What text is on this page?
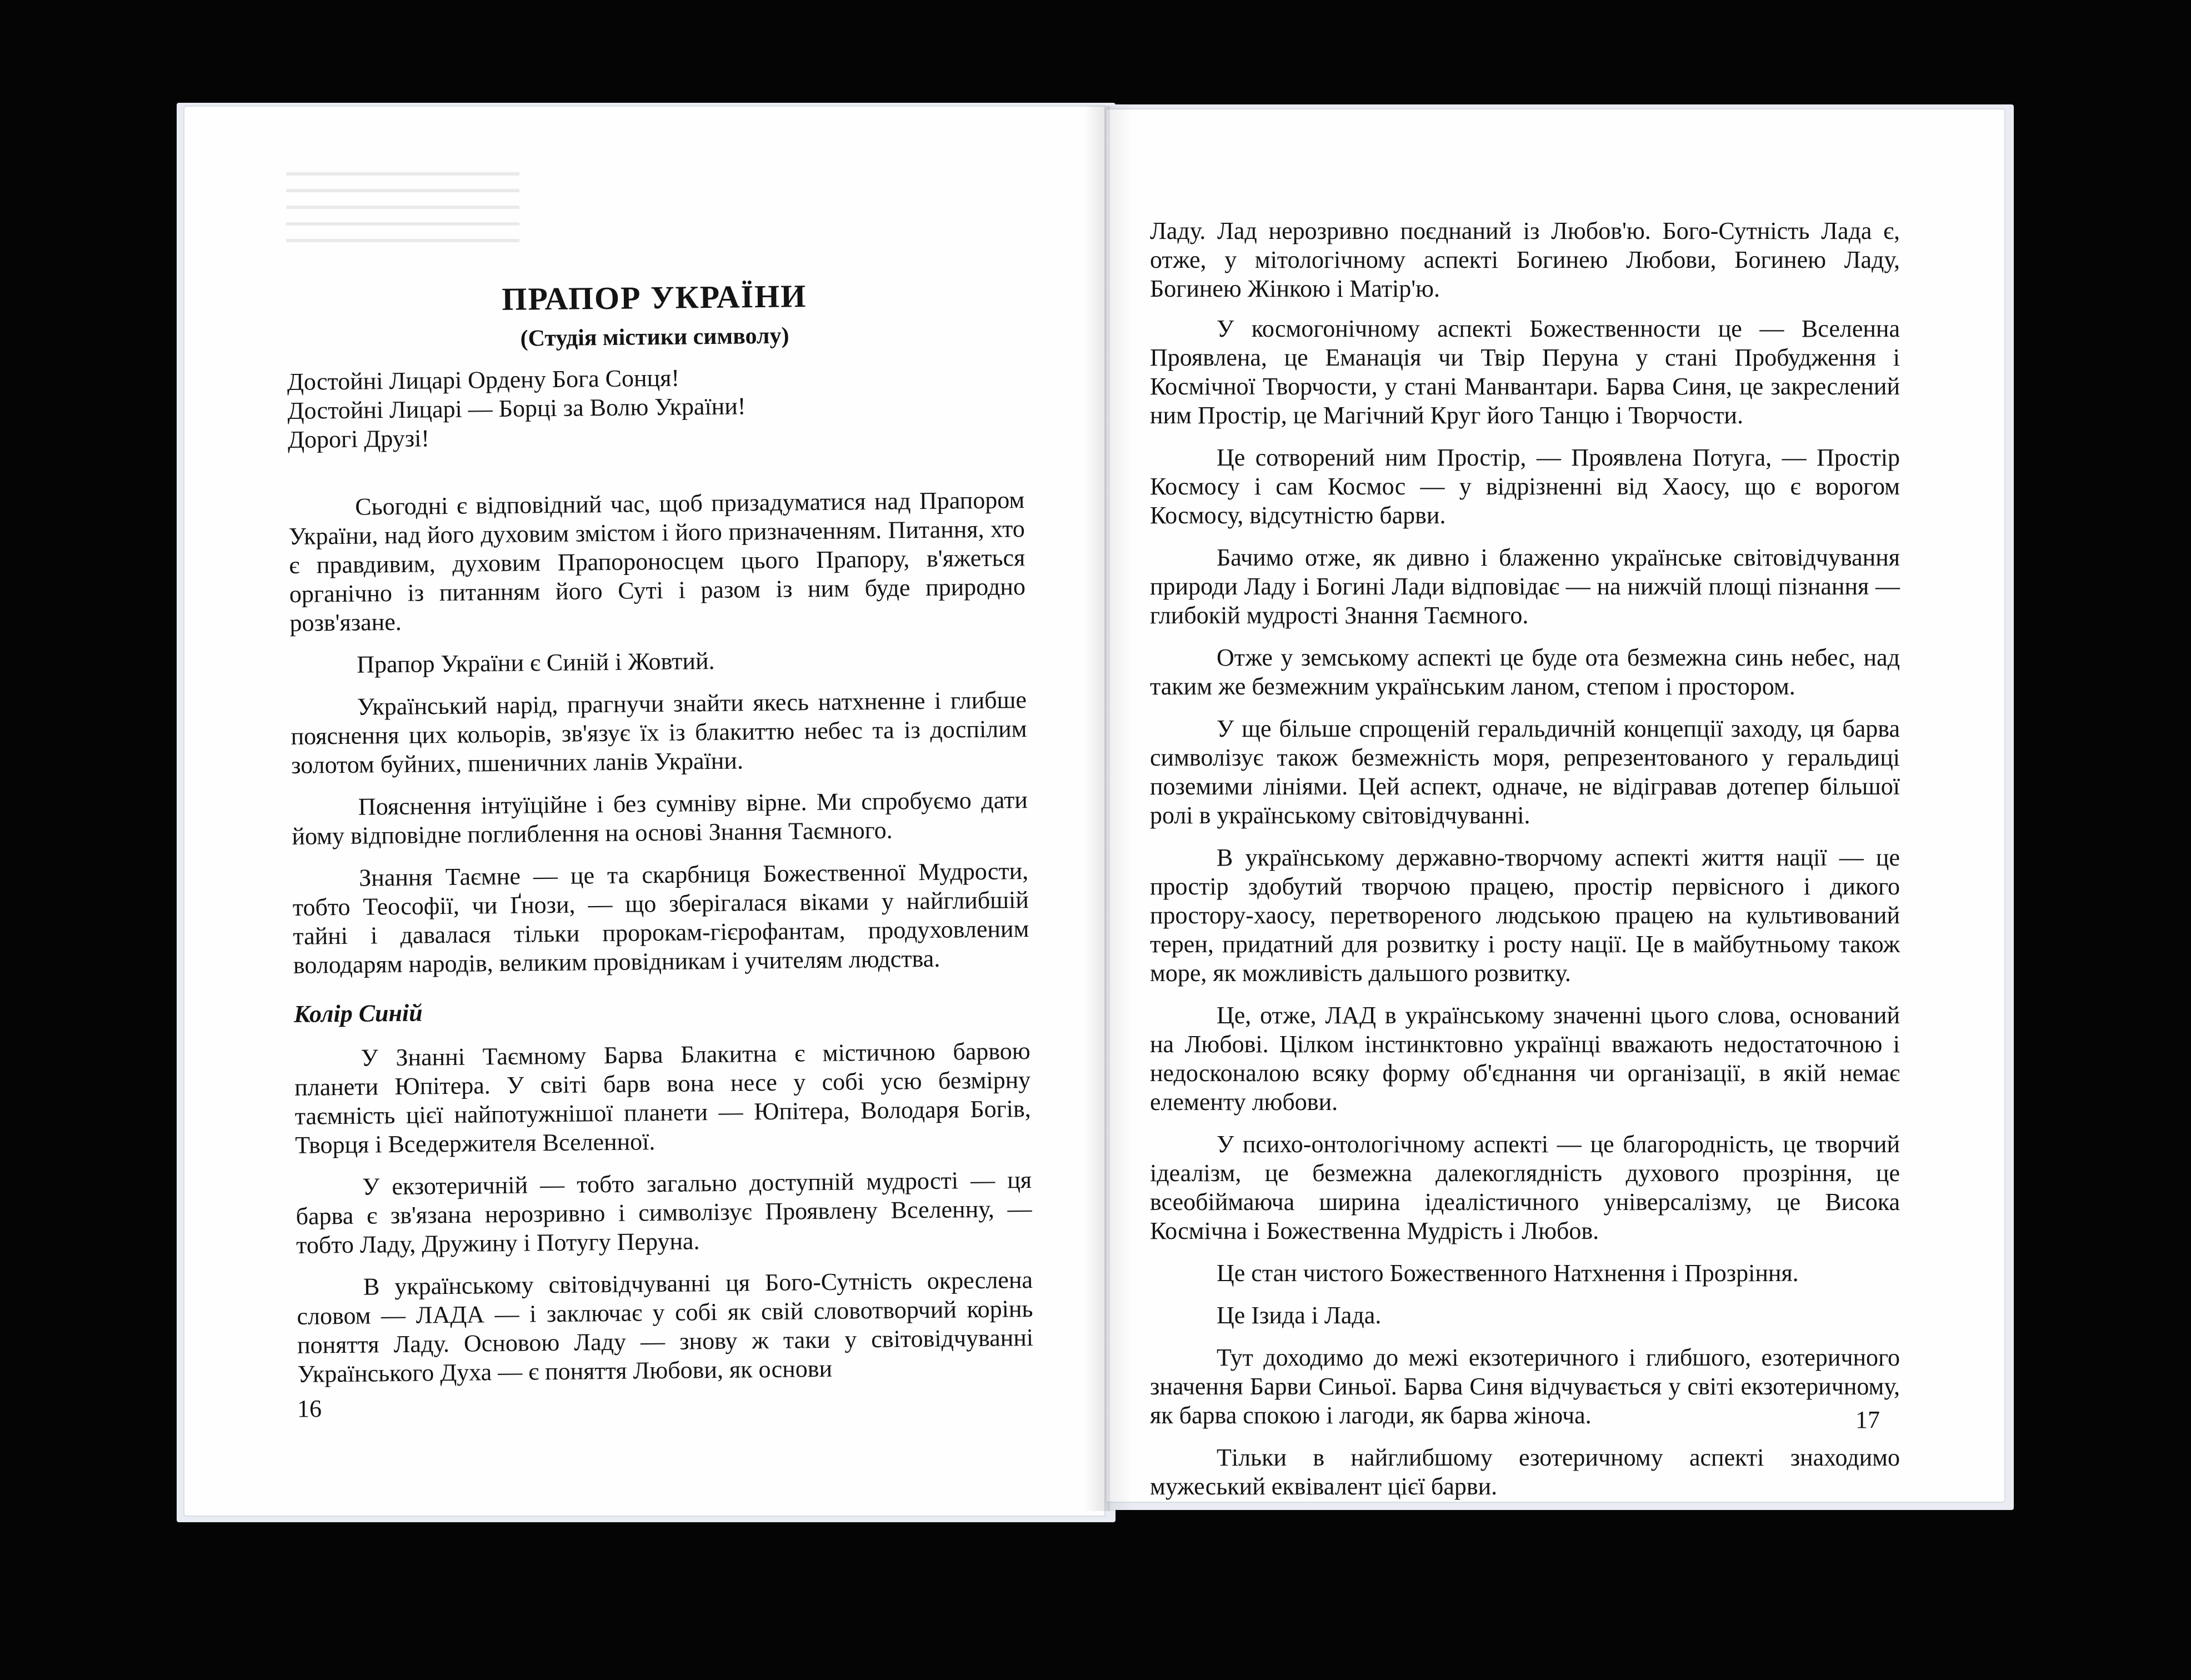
ПРАПОР УКРАЇНИ
(Студія містики символу)
Достойні Лицарі Ордену Бога Сонця!
Достойні Лицарі — Борці за Волю України!
Дорогі Друзі!

Сьогодні є відповідний час, щоб призадуматися над Прапором України, над його духовим змістом і його призначенням. Питання, хто є правдивим, духовим Прапороносцем цього Прапору, в'яжеться органічно із питанням його Суті і разом із ним буде природно розв'язане.

Прапор України є Синій і Жовтий.

Український нарід, прагнучи знайти якесь натхненне і глибше пояснення цих кольорів, зв'язує їх із блакиттю небес та із доспілим золотом буйних, пшеничних ланів України.

Пояснення інтуїційне і без сумніву вірне. Ми спробуємо дати йому відповідне поглиблення на основі Знання Таємного.

Знання Таємне — це та скарбниця Божественної Мудрости, тобто Теософії, чи Ґнози, — що зберігалася віками у найглибшій тайні і давалася тільки пророкам-гієрофантам, продуховленим володарям народів, великим провідникам і учителям людства.

Колір Синій

У Знанні Таємному Барва Блакитна є містичною барвою планети Юпітера. У світі барв вона несе у собі усю безмірну таємність цієї найпотужнішої планети — Юпітера, Володаря Богів, Творця і Вседержителя Вселенної.

У екзотеричній — тобто загально доступній мудрості — ця барва є зв'язана нерозривно і символізує Проявлену Вселенну, — тобто Ладу, Дружину і Потугу Перуна.

В українському світовідчуванні ця Бого-Сутність окреслена словом — ЛАДА — і заключає у собі як свій словотворчий корінь поняття Ладу. Основою Ладу — знову ж таки у світовідчуванні Українського Духа — є поняття Любови, як основи

16

Ладу. Лад нерозривно поєднаний із Любов'ю. Бого-Сутність Лада є, отже, у мітологічному аспекті Богинею Любови, Богинею Ладу, Богинею Жінкою і Матір'ю.

У космогонічному аспекті Божественности це — Вселенна Проявлена, це Еманація чи Твір Перуна у стані Пробудження і Космічної Творчости, у стані Манвантари. Барва Синя, це закреслений ним Простір, це Магічний Круг його Танцю і Творчости.

Це сотворений ним Простір, — Проявлена Потуга, — Простір Космосу і сам Космос — у відрізненні від Хаосу, що є ворогом Космосу, відсутністю барви.

Бачимо отже, як дивно і блаженно українське світовідчування природи Ладу і Богині Лади відповідає — на нижчій площі пізнання — глибокій мудрості Знання Таємного.

Отже у земському аспекті це буде ота безмежна синь небес, над таким же безмежним українським ланом, степом і простором.

У ще більше спрощеній геральдичній концепції заходу, ця барва символізує також безмежність моря, репрезентованого у геральдиці поземими лініями. Цей аспект, одначе, не відігравав дотепер більшої ролі в українському світовідчуванні.

В українському державно-творчому аспекті життя нації — це простір здобутий творчою працею, простір первісного і дикого простору-хаосу, перетвореного людською працею на культивований терен, придатний для розвитку і росту нації. Це в майбутньому також море, як можливість дальшого розвитку.

Це, отже, ЛАД в українському значенні цього слова, оснований на Любові. Цілком інстинктовно українці вважають недостаточною і недосконалою всяку форму об'єднання чи організації, в якій немає елементу любови.

У психо-онтологічному аспекті — це благородність, це творчий ідеалізм, це безмежна далекоглядність духового прозріння, це всеобіймаюча ширина ідеалістичного універсалізму, це Висока Космічна і Божественна Мудрість і Любов.

Це стан чистого Божественного Натхнення і Прозріння.

Це Ізида і Лада.

Тут доходимо до межі екзотеричного і глибшого, езотеричного значення Барви Синьої. Барва Синя відчувається у світі екзотеричному, як барва спокою і лагоди, як барва жіноча.

Тільки в найглибшому езотеричному аспекті знаходимо мужеський еквівалент цієї барви.

17
